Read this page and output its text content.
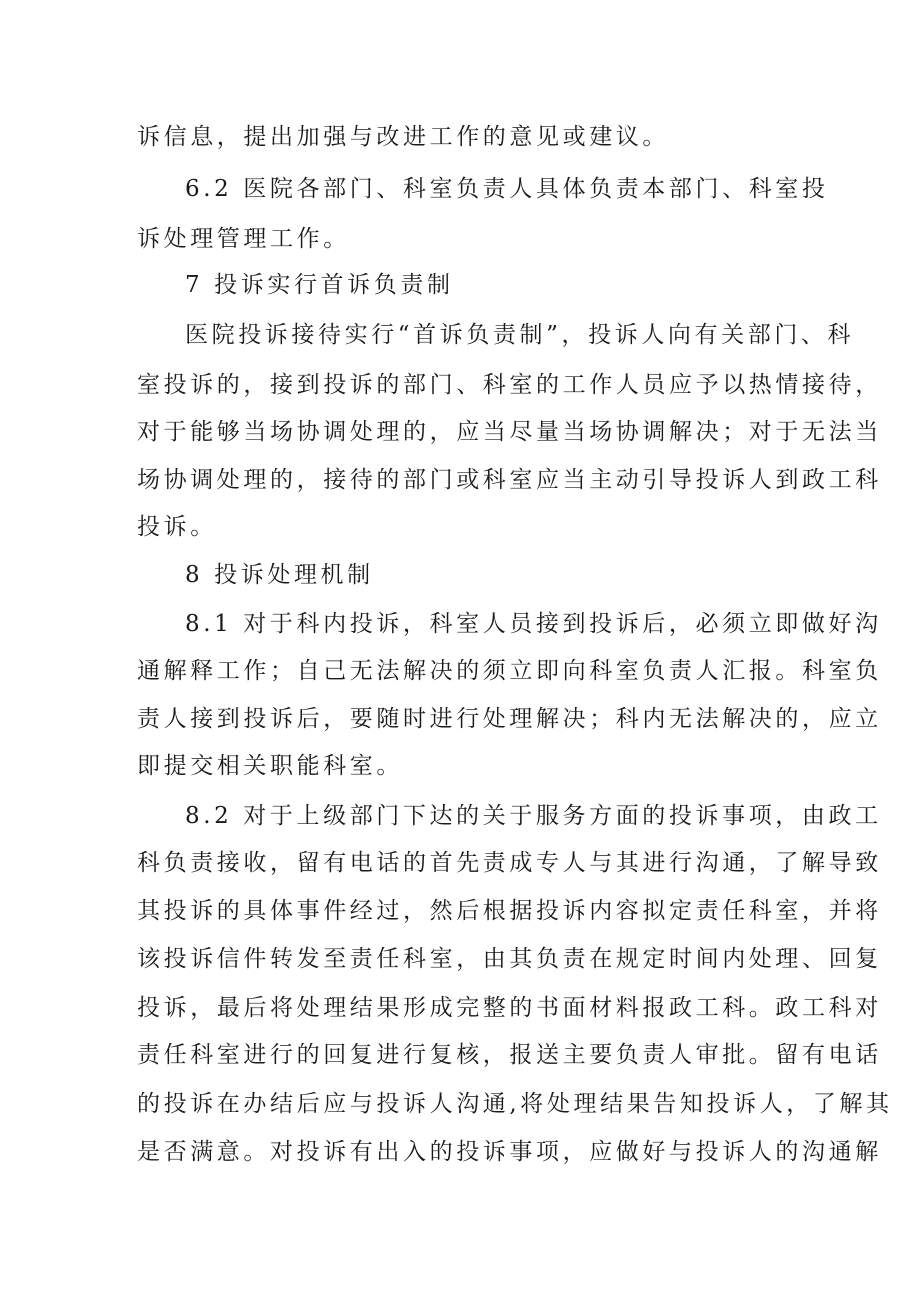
诉信息，提出加强与改进工作的意见或建议。
6.2 医院各部门、科室负责人具体负责本部门、科室投
诉处理管理工作。
7 投诉实行首诉负责制
医院投诉接待实行“首诉负责制”，投诉人向有关部门、科
室投诉的，接到投诉的部门、科室的工作人员应予以热情接待，
对于能够当场协调处理的，应当尽量当场协调解决；对于无法当
场协调处理的，接待的部门或科室应当主动引导投诉人到政工科
投诉。
8 投诉处理机制
8.1 对于科内投诉，科室人员接到投诉后，必须立即做好沟
通解释工作；自己无法解决的须立即向科室负责人汇报。科室负
责人接到投诉后，要随时进行处理解决；科内无法解决的，应立
即提交相关职能科室。
8.2 对于上级部门下达的关于服务方面的投诉事项，由政工
科负责接收，留有电话的首先责成专人与其进行沟通，了解导致
其投诉的具体事件经过，然后根据投诉内容拟定责任科室，并将
该投诉信件转发至责任科室，由其负责在规定时间内处理、回复
投诉，最后将处理结果形成完整的书面材料报政工科。政工科对
责任科室进行的回复进行复核，报送主要负责人审批。留有电话
的投诉在办结后应与投诉人沟通,将处理结果告知投诉人，了解其
是否满意。对投诉有出入的投诉事项，应做好与投诉人的沟通解
